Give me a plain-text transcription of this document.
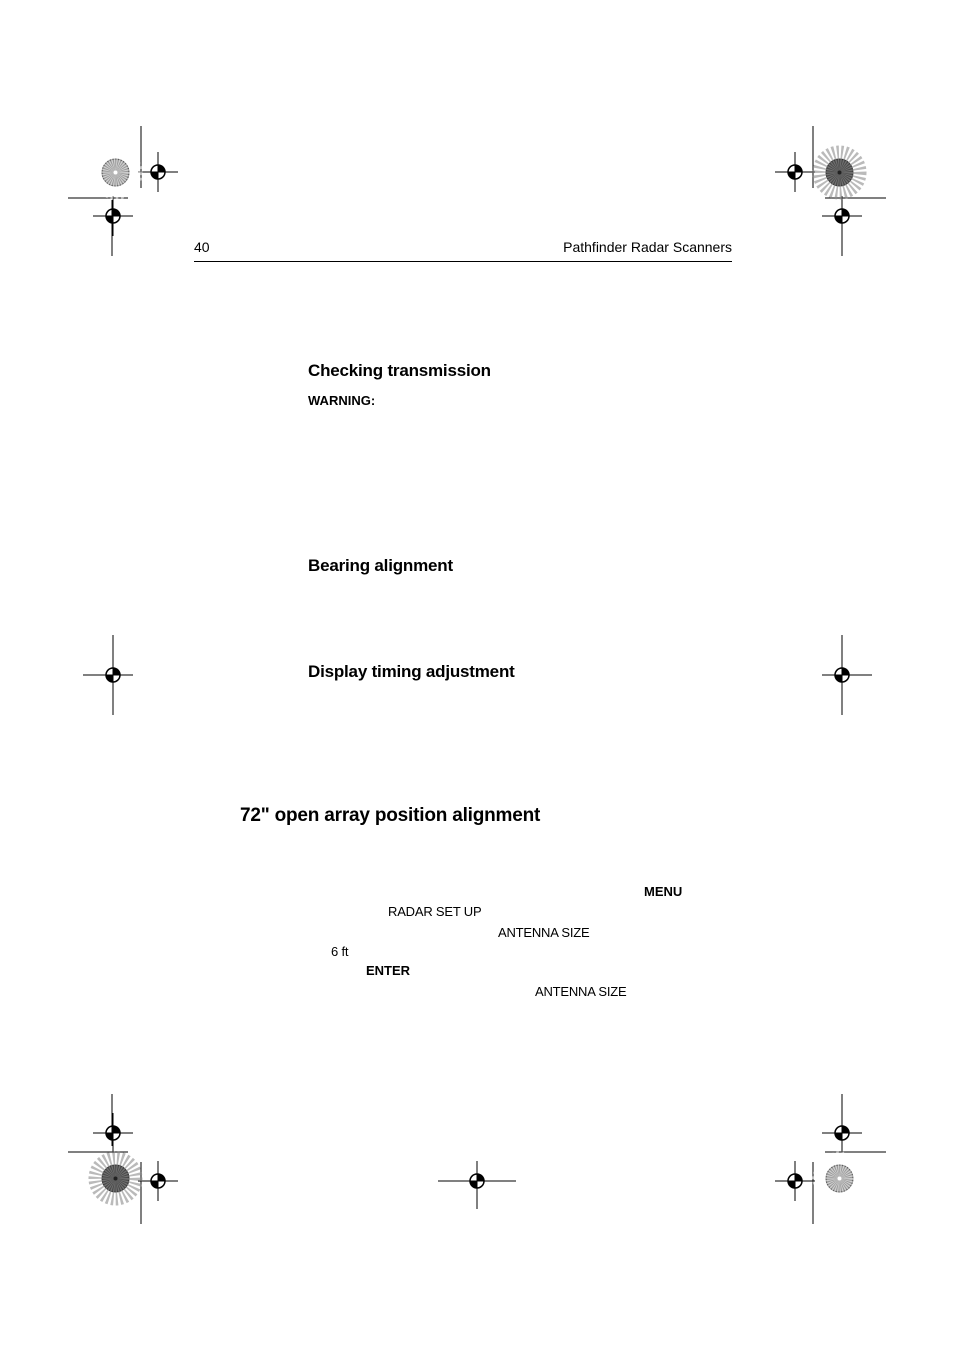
40	Pathfinder Radar Scanners
Checking transmission
WARNING:
Bearing alignment
Display timing adjustment
72" open array position alignment
MENU
RADAR SET UP
ANTENNA SIZE
6 ft
ENTER
ANTENNA SIZE
